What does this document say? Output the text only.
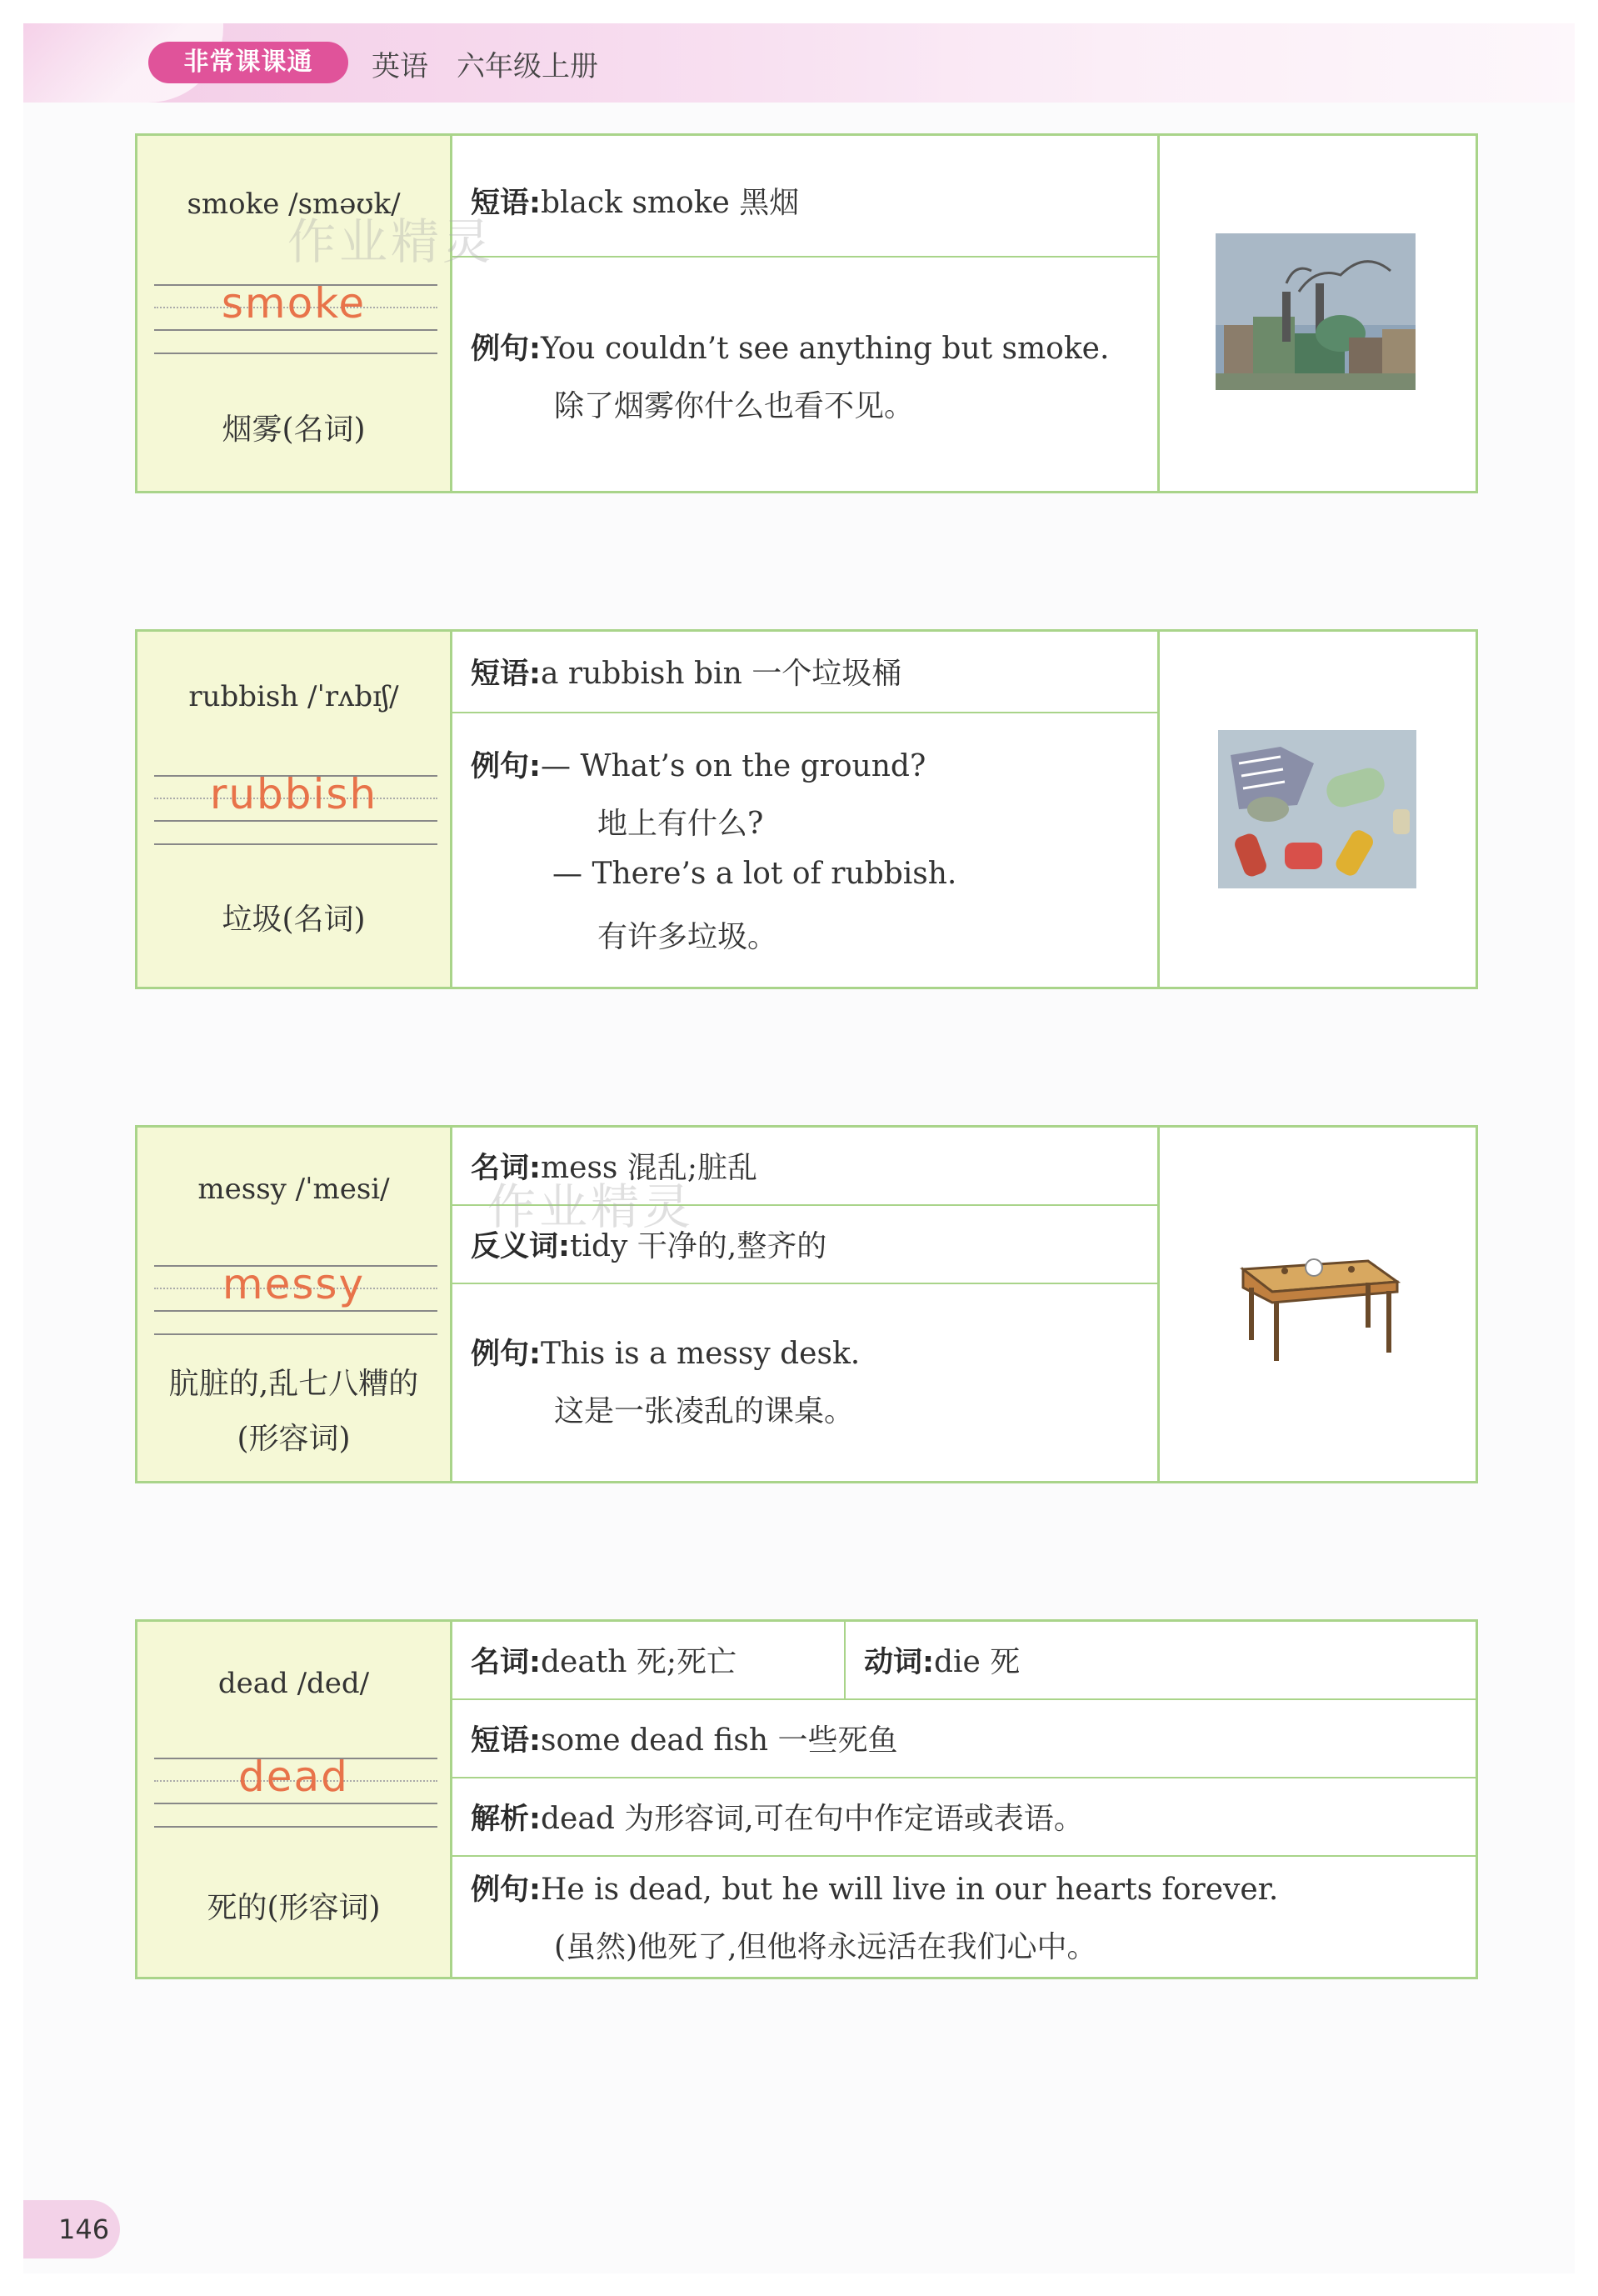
非常课课通	英语 六年级上册
smoke /sməʊk/
smoke
烟雾(名词)
短语:black smoke 黑烟
例句:You couldn’t see anything but smoke.
除了烟雾你什么也看不见。
作业精灵
rubbish /ˈrʌbɪʃ/
rubbish
垃圾(名词)
短语:a rubbish bin 一个垃圾桶
例句:— What’s on the ground?
地上有什么?
— There’s a lot of rubbish.
有许多垃圾。
messy /ˈmesi/
messy
肮脏的,乱七八糟的
(形容词)
名词:mess 混乱;脏乱
反义词:tidy 干净的,整齐的
例句:This is a messy desk.
这是一张凌乱的课桌。
作业精灵
dead /ded/
dead
死的(形容词)
名词:death 死;死亡	动词:die 死
短语:some dead fish 一些死鱼
解析:dead 为形容词,可在句中作定语或表语。
例句:He is dead, but he will live in our hearts forever.
(虽然)他死了,但他将永远活在我们心中。
146
